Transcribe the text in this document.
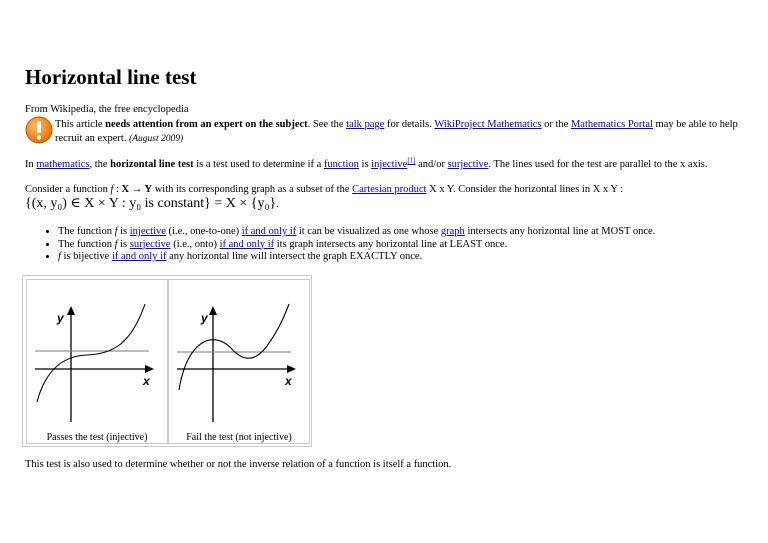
Horizontal line test
From Wikipedia, the free encyclopedia
This article needs attention from an expert on the subject. See the talk page for details. WikiProject Mathematics or the Mathematics Portal may be able to help recruit an expert. (August 2009)
In mathematics, the horizontal line test is a test used to determine if a function is injective[1] and/or surjective. The lines used for the test are parallel to the x axis.
Consider a function f : X → Y with its corresponding graph as a subset of the Cartesian product X x Y. Consider the horizontal lines in X x Y :
{(x, y₀) ∈ X × Y : y₀ is constant} = X × {y₀}.
• The function f is injective (i.e., one-to-one) if and only if it can be visualized as one whose graph intersects any horizontal line at MOST once.
• The function f is surjective (i.e., onto) if and only if its graph intersects any horizontal line at LEAST once.
• f is bijective if and only if any horizontal line will intersect the graph EXACTLY once.
y
x
Passes the test (injective)
y
x
Fail the test (not injective)
This test is also used to determine whether or not the inverse relation of a function is itself a function.
